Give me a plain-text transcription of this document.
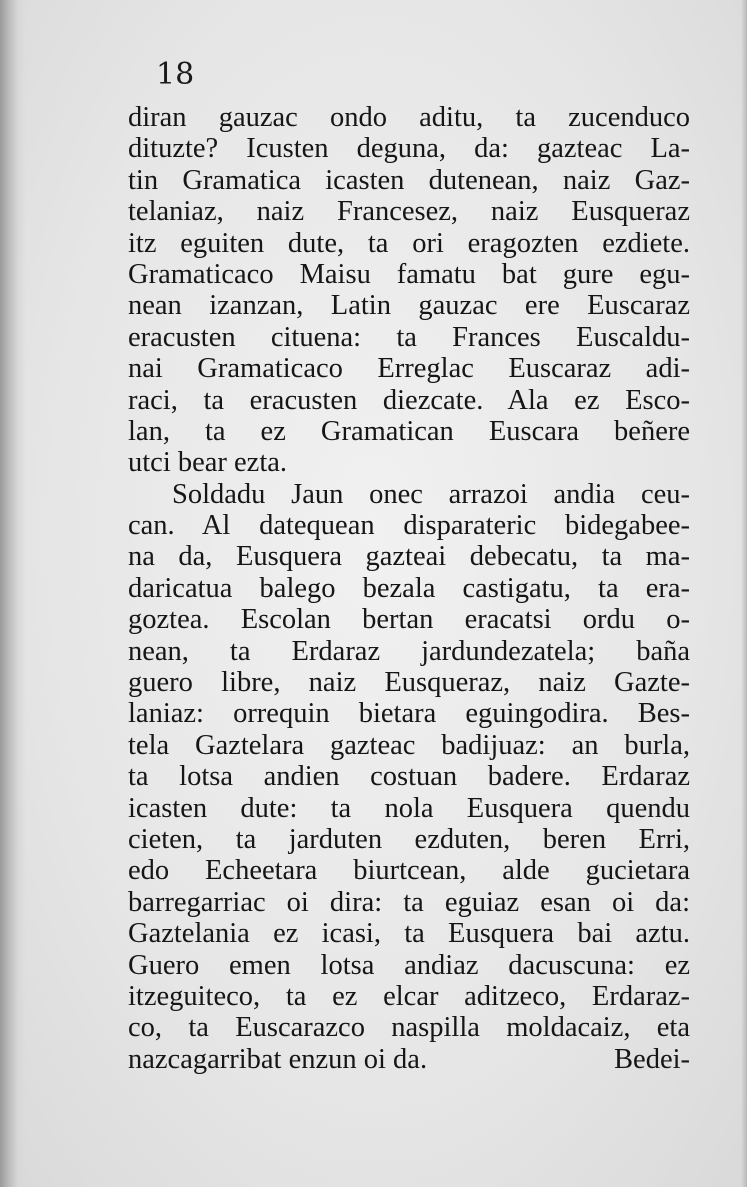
18
diran gauzac ondo aditu, ta zucenduco
dituzte? Icusten deguna, da: gazteac La-
tin Gramatica icasten dutenean, naiz Gaz-
telaniaz, naiz Francesez, naiz Eusqueraz
itz eguiten dute, ta ori eragozten ezdiete.
Gramaticaco Maisu famatu bat gure egu-
nean izanzan, Latin gauzac ere Euscaraz
eracusten cituena: ta Frances Euscaldu-
nai Gramaticaco Erreglac Euscaraz adi-
raci, ta eracusten diezcate. Ala ez Esco-
lan, ta ez Gramatican Euscara beñere
utci bear ezta.
Soldadu Jaun onec arrazoi andia ceu-
can. Al datequean disparateric bidegabee-
na da, Eusquera gazteai debecatu, ta ma-
daricatua balego bezala castigatu, ta era-
goztea. Escolan bertan eracatsi ordu o-
nean, ta Erdaraz jardundezatela; baña
guero libre, naiz Eusqueraz, naiz Gazte-
laniaz: orrequin bietara eguingodira. Bes-
tela Gaztelara gazteac badijuaz: an burla,
ta lotsa andien costuan badere. Erdaraz
icasten dute: ta nola Eusquera quendu
cieten, ta jarduten ezduten, beren Erri,
edo Echeetara biurtcean, alde gucietara
barregarriac oi dira: ta eguiaz esan oi da:
Gaztelania ez icasi, ta Eusquera bai aztu.
Guero emen lotsa andiaz dacuscuna: ez
itzeguiteco, ta ez elcar aditzeco, Erdaraz-
co, ta Euscarazco naspilla moldacaiz, eta
nazcagarribat enzun oi da.	Bedei-
